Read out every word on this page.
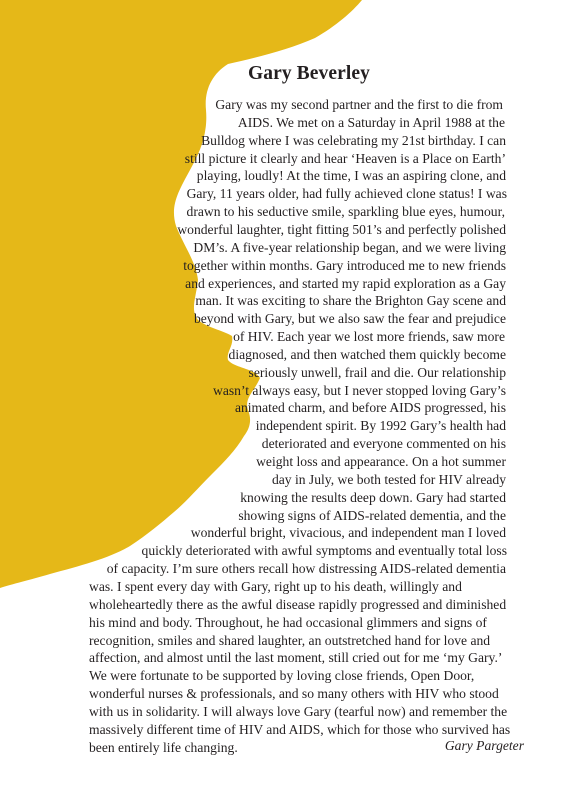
Gary Beverley
Gary was my second partner and the first to die from
AIDS. We met on a Saturday in April 1988 at the
Bulldog where I was celebrating my 21st birthday. I can
still picture it clearly and hear ‘Heaven is a Place on Earth’
playing, loudly! At the time, I was an aspiring clone, and
Gary, 11 years older, had fully achieved clone status! I was
drawn to his seductive smile, sparkling blue eyes, humour,
wonderful laughter, tight fitting 501’s and perfectly polished
DM’s. A five-year relationship began, and we were living
together within months. Gary introduced me to new friends
and experiences, and started my rapid exploration as a Gay
man. It was exciting to share the Brighton Gay scene and
beyond with Gary, but we also saw the fear and prejudice
of HIV. Each year we lost more friends, saw more
diagnosed, and then watched them quickly become
seriously unwell, frail and die. Our relationship
wasn’t always easy, but I never stopped loving Gary’s
animated charm, and before AIDS progressed, his
independent spirit. By 1992 Gary’s health had
deteriorated and everyone commented on his
weight loss and appearance. On a hot summer
day in July, we both tested for HIV already
knowing the results deep down. Gary had started
showing signs of AIDS-related dementia, and the
wonderful bright, vivacious, and independent man I loved
quickly deteriorated with awful symptoms and eventually total loss
of capacity. I’m sure others recall how distressing AIDS-related dementia
was. I spent every day with Gary, right up to his death, willingly and
wholeheartedly there as the awful disease rapidly progressed and diminished
his mind and body. Throughout, he had occasional glimmers and signs of
recognition, smiles and shared laughter, an outstretched hand for love and
affection, and almost until the last moment, still cried out for me ‘my Gary.’
We were fortunate to be supported by loving close friends, Open Door,
wonderful nurses & professionals, and so many others with HIV who stood
with us in solidarity. I will always love Gary (tearful now) and remember the
massively different time of HIV and AIDS, which for those who survived has
been entirely life changing.	Gary Pargeter
